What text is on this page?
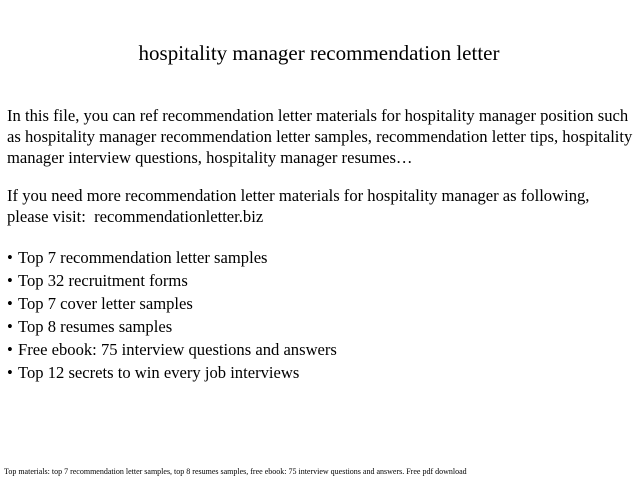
hospitality manager recommendation letter

In this file, you can ref recommendation letter materials for hospitality manager position such as hospitality manager recommendation letter samples, recommendation letter tips, hospitality manager interview questions, hospitality manager resumes…

If you need more recommendation letter materials for hospitality manager as following, please visit: recommendationletter.biz

• Top 7 recommendation letter samples
• Top 32 recruitment forms
• Top 7 cover letter samples
• Top 8 resumes samples
• Free ebook: 75 interview questions and answers
• Top 12 secrets to win every job interviews
Top materials: top 7 recommendation letter samples, top 8 resumes samples, free ebook: 75 interview questions and answers. Free pdf download
